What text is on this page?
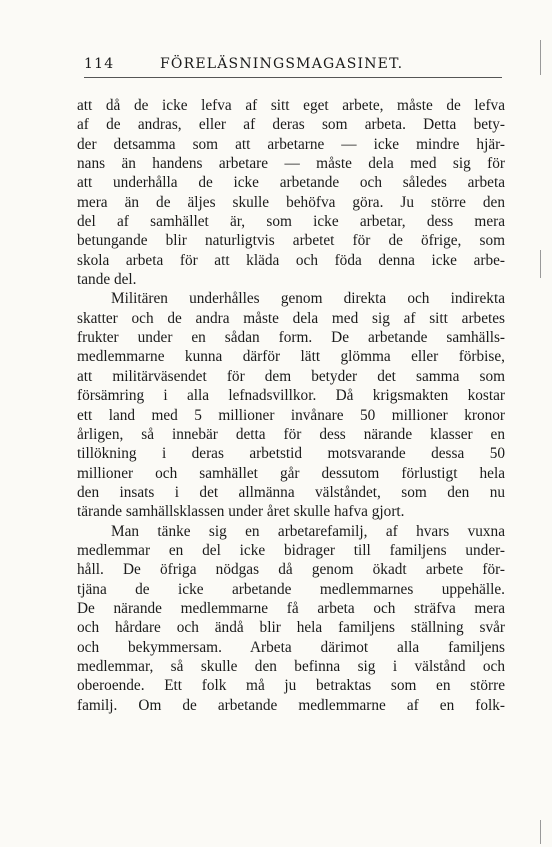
114	FÖRELÄSNINGSMAGASINET.

att då de icke lefva af sitt eget arbete, måste de lefva
af de andras, eller af deras som arbeta. Detta bety-
der detsamma som att arbetarne — icke mindre hjär-
nans än handens arbetare — måste dela med sig för
att underhålla de icke arbetande och således arbeta
mera än de äljes skulle behöfva göra. Ju större den
del af samhället är, som icke arbetar, dess mera
betungande blir naturligtvis arbetet för de öfrige, som
skola arbeta för att kläda och föda denna icke arbe-
tande del.

Militären underhålles genom direkta och indirekta
skatter och de andra måste dela med sig af sitt arbetes
frukter under en sådan form. De arbetande samhälls-
medlemmarne kunna därför lätt glömma eller förbise,
att militärväsendet för dem betyder det samma som
försämring i alla lefnadsvillkor. Då krigsmakten kostar
ett land med 5 millioner invånare 50 millioner kronor
årligen, så innebär detta för dess närande klasser en
tillökning i deras arbetstid motsvarande dessa 50
millioner och samhället går dessutom förlustigt hela
den insats i det allmänna välståndet, som den nu
tärande samhällsklassen under året skulle hafva gjort.

Man tänke sig en arbetarefamilj, af hvars vuxna
medlemmar en del icke bidrager till familjens under-
håll. De öfriga nödgas då genom ökadt arbete för-
tjäna de icke arbetande medlemmarnes uppehälle.
De närande medlemmarne få arbeta och sträfva mera
och hårdare och ändå blir hela familjens ställning svår
och bekymmersam. Arbeta därimot alla familjens
medlemmar, så skulle den befinna sig i välstånd och
oberoende. Ett folk må ju betraktas som en större
familj. Om de arbetande medlemmarne af en folk-
